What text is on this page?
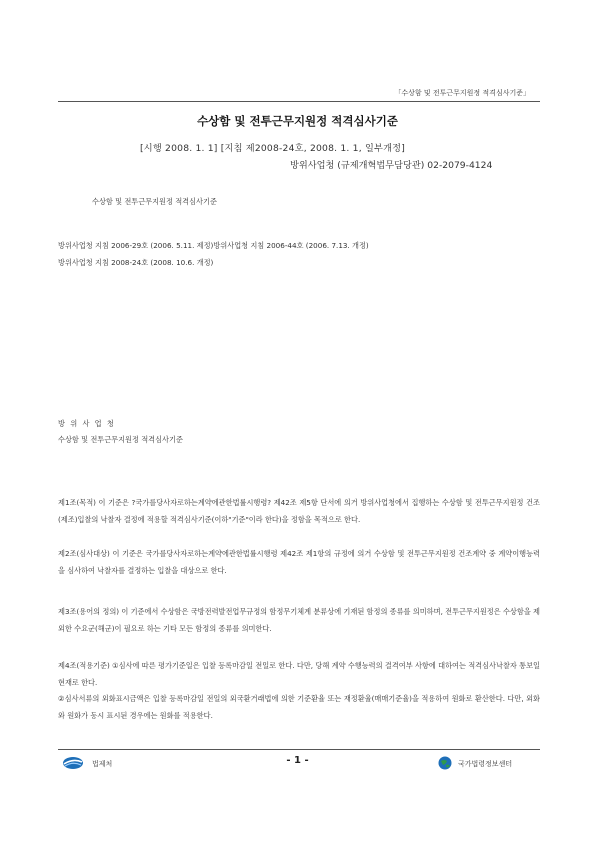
「수상함 및 전투근무지원정 적격심사기준」
수상함 및 전투근무지원정 적격심사기준
[시행 2008. 1. 1] [지침 제2008-24호, 2008. 1. 1, 일부개정]
방위사업청 (규제개혁법무담당관) 02-2079-4124
수상함 및 전투근무지원정 적격심사기준
방위사업청 지침 2006-29호 (2006. 5.11. 제정)방위사업청 지침 2006-44호 (2006. 7.13. 개정)
방위사업청 지침 2008-24호 (2008. 10.6. 개정)
방 위 사 업 청
수상함 및 전투근무지원정 적격심사기준

제1조(목적) 이 기준은 ?국가를당사자로하는계약에관한법률시행령? 제42조 제5항 단서에 의거 방위사업청에서 집행하는 수상함 및 전투근무지원정 건조(제조)입찰의 낙찰자 결정에 적용할 적격심사기준(이하"기준"이라 한다)을 정함을 목적으로 한다.

제2조(심사대상) 이 기준은 국가를당사자로하는계약에관한법률시행령 제42조 제1항의 규정에 의거 수상함 및 전투근무지원정 건조계약 중 계약이행능력을 심사하여 낙찰자를 결정하는 입찰을 대상으로 한다.

제3조(용어의 정의) 이 기준에서 수상함은 국방전력발전업무규정의 함정무기체계 분류상에 기재된 함정의 종류를 의미하며, 전투근무지원정은 수상함을 제외한 수요군(해군)이 필요로 하는 기타 모든 함정의 종류를 의미한다.

제4조(적용기준) ①심사에 따른 평가기준일은 입찰 등록마감일 전일로 한다. 다만, 당해 계약 수행능력의 결격여부 사항에 대하여는 적격심사낙찰자 통보일 현재로 한다.
②심사서류의 외화표시금액은 입찰 등록마감일 전일의 외국환거래법에 의한 기준환율 또는 재정환율(매매기준율)을 적용하여 원화로 환산한다. 다만, 외화와 원화가 동시 표시된 경우에는 원화를 적용한다.

법제처	- 1 -	국가법령정보센터
